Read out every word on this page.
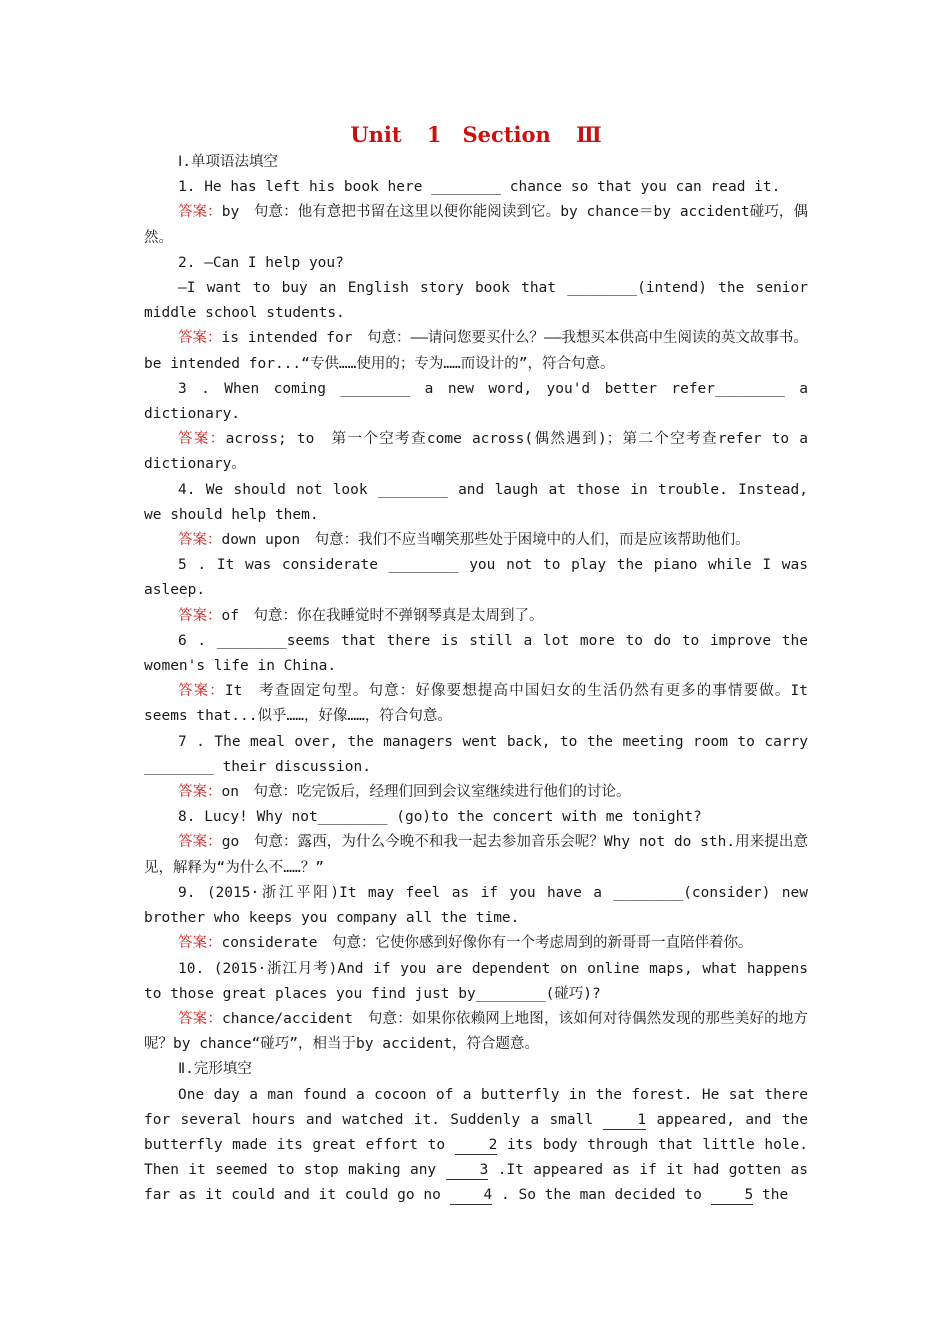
Unit 1　Section Ⅲ

Ⅰ.单项语法填空

1. He has left his book here ________ chance so that you can read it.

答案：by　句意：他有意把书留在这里以便你能阅读到它。by chance＝by accident碰巧，偶然。

2. —Can I help you?

—I want to buy an English story book that ________(intend) the senior middle school students.

答案：is intended for　句意：——请问您要买什么？——我想买本供高中生阅读的英文故事书。be intended for...“专供……使用的；专为……而设计的”，符合句意。

3 . When coming ________ a new word, you'd better refer________ a dictionary.

答案：across; to　第一个空考查come across(偶然遇到)；第二个空考查refer to a dictionary。

4. We should not look ________ and laugh at those in trouble. Instead, we should help them.

答案：down upon　句意：我们不应当嘲笑那些处于困境中的人们，而是应该帮助他们。

5 . It was considerate ________ you not to play the piano while I was asleep.

答案：of　句意：你在我睡觉时不弹钢琴真是太周到了。

6 . ________seems that there is still a lot more to do to improve the women's life in China.

答案：It　考查固定句型。句意：好像要想提高中国妇女的生活仍然有更多的事情要做。It seems that...似乎……，好像……，符合句意。

7 . The meal over, the managers went back, to the meeting room to carry ________ their discussion.

答案：on　句意：吃完饭后，经理们回到会议室继续进行他们的讨论。

8. Lucy! Why not________ (go)to the concert with me tonight?

答案：go　句意：露西，为什么今晚不和我一起去参加音乐会呢？Why not do sth.用来提出意见，解释为“为什么不……？”

9. (2015·浙江平阳)It may feel as if you have a ________(consider) new brother who keeps you company all the time.

答案：considerate　句意：它使你感到好像你有一个考虑周到的新哥哥一直陪伴着你。

10. (2015·浙江月考)And if you are dependent on online maps, what happens to those great places you find just by________(碰巧)?

答案：chance/accident　句意：如果你依赖网上地图，该如何对待偶然发现的那些美好的地方呢？by chance“碰巧”，相当于by accident，符合题意。

Ⅱ.完形填空

One day a man found a cocoon of a butterfly in the forest. He sat there for several hours and watched it. Suddenly a small 1 appeared, and the butterfly made its great effort to 2 its body through that little hole. Then it seemed to stop making any 3 .It appeared as if it had gotten as far as it could and it could go no 4 . So the man decided to 5 the
